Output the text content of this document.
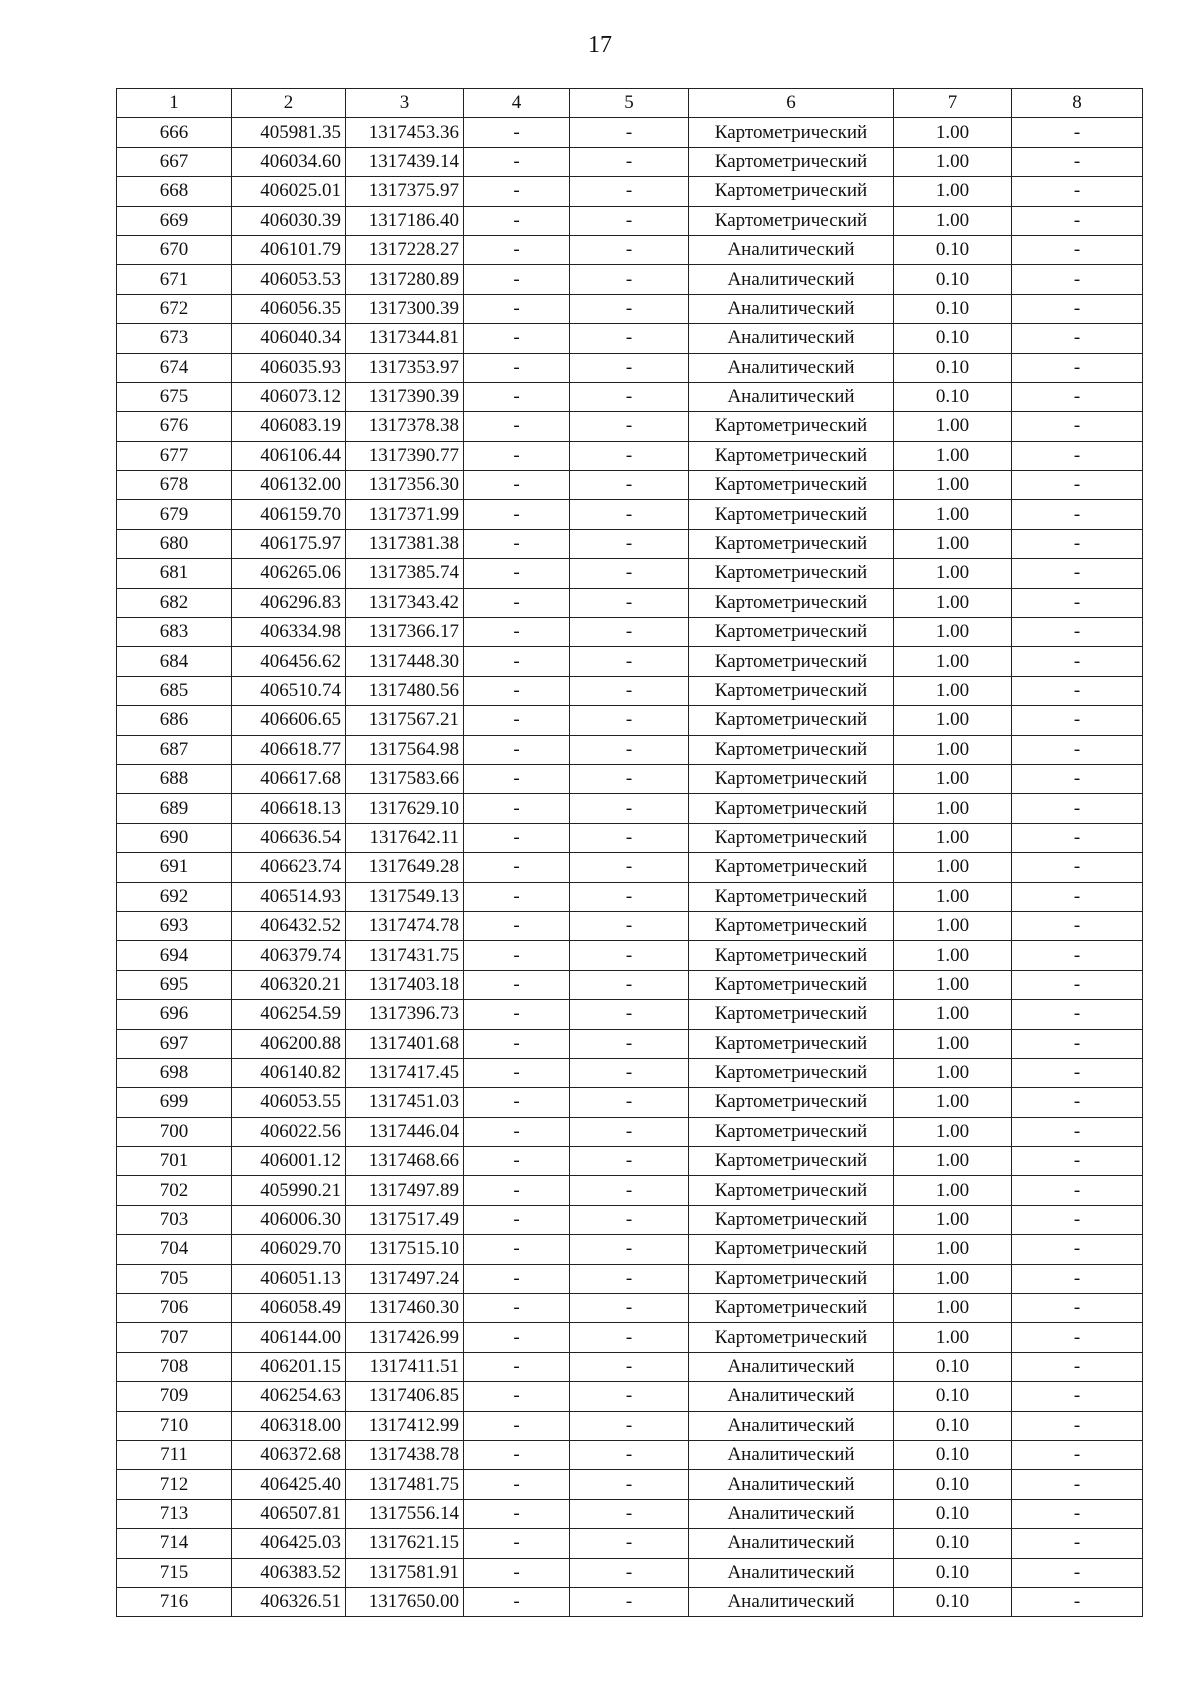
17
1	2	3	4	5	6	7	8
666	405981.35	1317453.36	-	-	Картометрический	1.00	-
667	406034.60	1317439.14	-	-	Картометрический	1.00	-
668	406025.01	1317375.97	-	-	Картометрический	1.00	-
669	406030.39	1317186.40	-	-	Картометрический	1.00	-
670	406101.79	1317228.27	-	-	Аналитический	0.10	-
671	406053.53	1317280.89	-	-	Аналитический	0.10	-
672	406056.35	1317300.39	-	-	Аналитический	0.10	-
673	406040.34	1317344.81	-	-	Аналитический	0.10	-
674	406035.93	1317353.97	-	-	Аналитический	0.10	-
675	406073.12	1317390.39	-	-	Аналитический	0.10	-
676	406083.19	1317378.38	-	-	Картометрический	1.00	-
677	406106.44	1317390.77	-	-	Картометрический	1.00	-
678	406132.00	1317356.30	-	-	Картометрический	1.00	-
679	406159.70	1317371.99	-	-	Картометрический	1.00	-
680	406175.97	1317381.38	-	-	Картометрический	1.00	-
681	406265.06	1317385.74	-	-	Картометрический	1.00	-
682	406296.83	1317343.42	-	-	Картометрический	1.00	-
683	406334.98	1317366.17	-	-	Картометрический	1.00	-
684	406456.62	1317448.30	-	-	Картометрический	1.00	-
685	406510.74	1317480.56	-	-	Картометрический	1.00	-
686	406606.65	1317567.21	-	-	Картометрический	1.00	-
687	406618.77	1317564.98	-	-	Картометрический	1.00	-
688	406617.68	1317583.66	-	-	Картометрический	1.00	-
689	406618.13	1317629.10	-	-	Картометрический	1.00	-
690	406636.54	1317642.11	-	-	Картометрический	1.00	-
691	406623.74	1317649.28	-	-	Картометрический	1.00	-
692	406514.93	1317549.13	-	-	Картометрический	1.00	-
693	406432.52	1317474.78	-	-	Картометрический	1.00	-
694	406379.74	1317431.75	-	-	Картометрический	1.00	-
695	406320.21	1317403.18	-	-	Картометрический	1.00	-
696	406254.59	1317396.73	-	-	Картометрический	1.00	-
697	406200.88	1317401.68	-	-	Картометрический	1.00	-
698	406140.82	1317417.45	-	-	Картометрический	1.00	-
699	406053.55	1317451.03	-	-	Картометрический	1.00	-
700	406022.56	1317446.04	-	-	Картометрический	1.00	-
701	406001.12	1317468.66	-	-	Картометрический	1.00	-
702	405990.21	1317497.89	-	-	Картометрический	1.00	-
703	406006.30	1317517.49	-	-	Картометрический	1.00	-
704	406029.70	1317515.10	-	-	Картометрический	1.00	-
705	406051.13	1317497.24	-	-	Картометрический	1.00	-
706	406058.49	1317460.30	-	-	Картометрический	1.00	-
707	406144.00	1317426.99	-	-	Картометрический	1.00	-
708	406201.15	1317411.51	-	-	Аналитический	0.10	-
709	406254.63	1317406.85	-	-	Аналитический	0.10	-
710	406318.00	1317412.99	-	-	Аналитический	0.10	-
711	406372.68	1317438.78	-	-	Аналитический	0.10	-
712	406425.40	1317481.75	-	-	Аналитический	0.10	-
713	406507.81	1317556.14	-	-	Аналитический	0.10	-
714	406425.03	1317621.15	-	-	Аналитический	0.10	-
715	406383.52	1317581.91	-	-	Аналитический	0.10	-
716	406326.51	1317650.00	-	-	Аналитический	0.10	-
